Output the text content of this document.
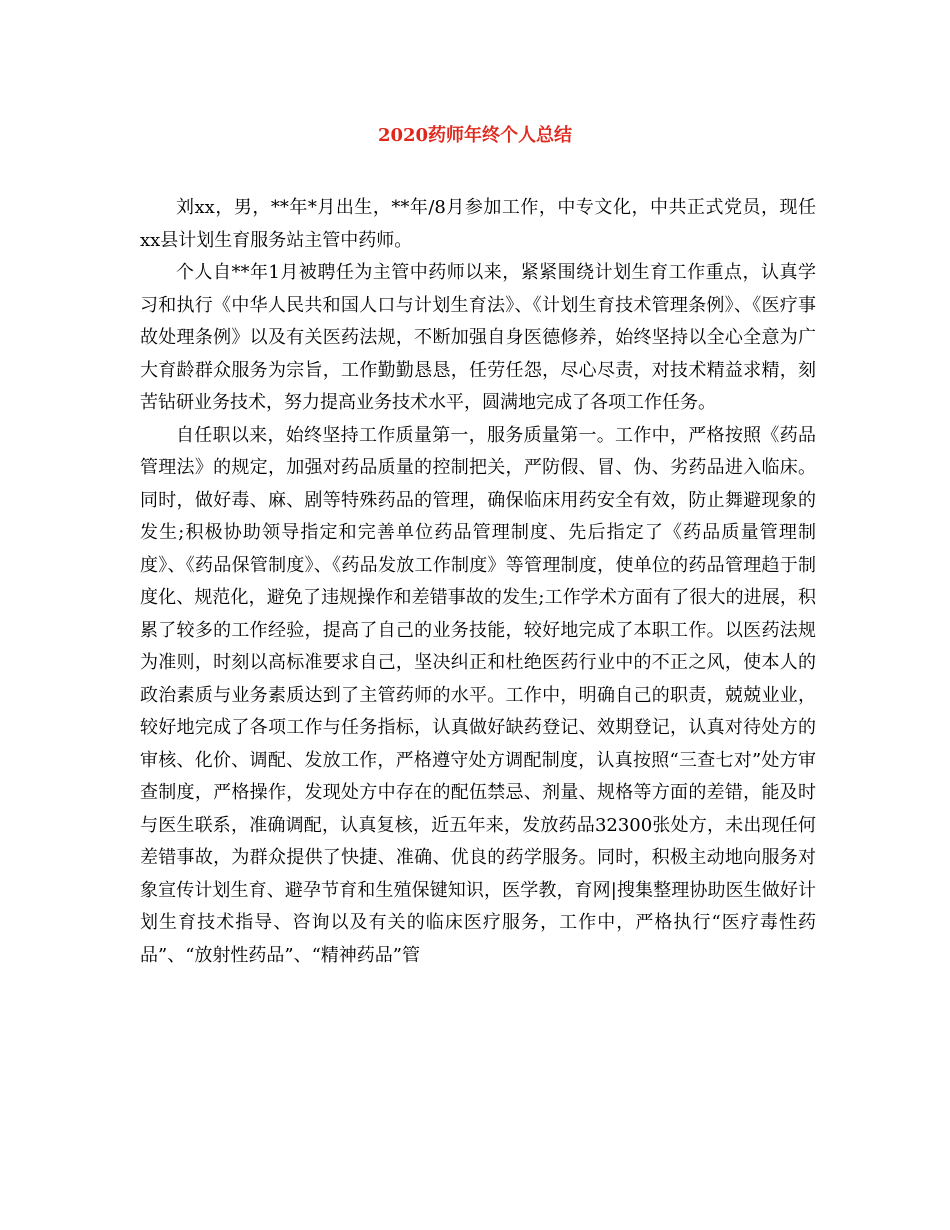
2020药师年终个人总结

刘xx，男，**年*月出生，**年/8月参加工作，中专文化，中共正式党员，现任xx县计划生育服务站主管中药师。

个人自**年1月被聘任为主管中药师以来，紧紧围绕计划生育工作重点，认真学习和执行《中华人民共和国人口与计划生育法》、《计划生育技术管理条例》、《医疗事故处理条例》以及有关医药法规，不断加强自身医德修养，始终坚持以全心全意为广大育龄群众服务为宗旨，工作勤勤恳恳，任劳任怨，尽心尽责，对技术精益求精，刻苦钻研业务技术，努力提高业务技术水平，圆满地完成了各项工作任务。

自任职以来，始终坚持工作质量第一，服务质量第一。工作中，严格按照《药品管理法》的规定，加强对药品质量的控制把关，严防假、冒、伪、劣药品进入临床。同时，做好毒、麻、剧等特殊药品的管理，确保临床用药安全有效，防止舞避现象的发生;积极协助领导指定和完善单位药品管理制度、先后指定了《药品质量管理制度》、《药品保管制度》、《药品发放工作制度》等管理制度，使单位的药品管理趋于制度化、规范化，避免了违规操作和差错事故的发生;工作学术方面有了很大的进展，积累了较多的工作经验，提高了自己的业务技能，较好地完成了本职工作。以医药法规为准则，时刻以高标准要求自己，坚决纠正和杜绝医药行业中的不正之风，使本人的政治素质与业务素质达到了主管药师的水平。工作中，明确自己的职责，兢兢业业，较好地完成了各项工作与任务指标，认真做好缺药登记、效期登记，认真对待处方的审核、化价、调配、发放工作，严格遵守处方调配制度，认真按照“三查七对”处方审查制度，严格操作，发现处方中存在的配伍禁忌、剂量、规格等方面的差错，能及时与医生联系，准确调配，认真复核，近五年来，发放药品32300张处方，未出现任何差错事故，为群众提供了快捷、准确、优良的药学服务。同时，积极主动地向服务对象宣传计划生育、避孕节育和生殖保键知识，医学教，育网|搜集整理协助医生做好计划生育技术指导、咨询以及有关的临床医疗服务，工作中，严格执行“医疗毒性药品”、“放射性药品”、“精神药品”管
